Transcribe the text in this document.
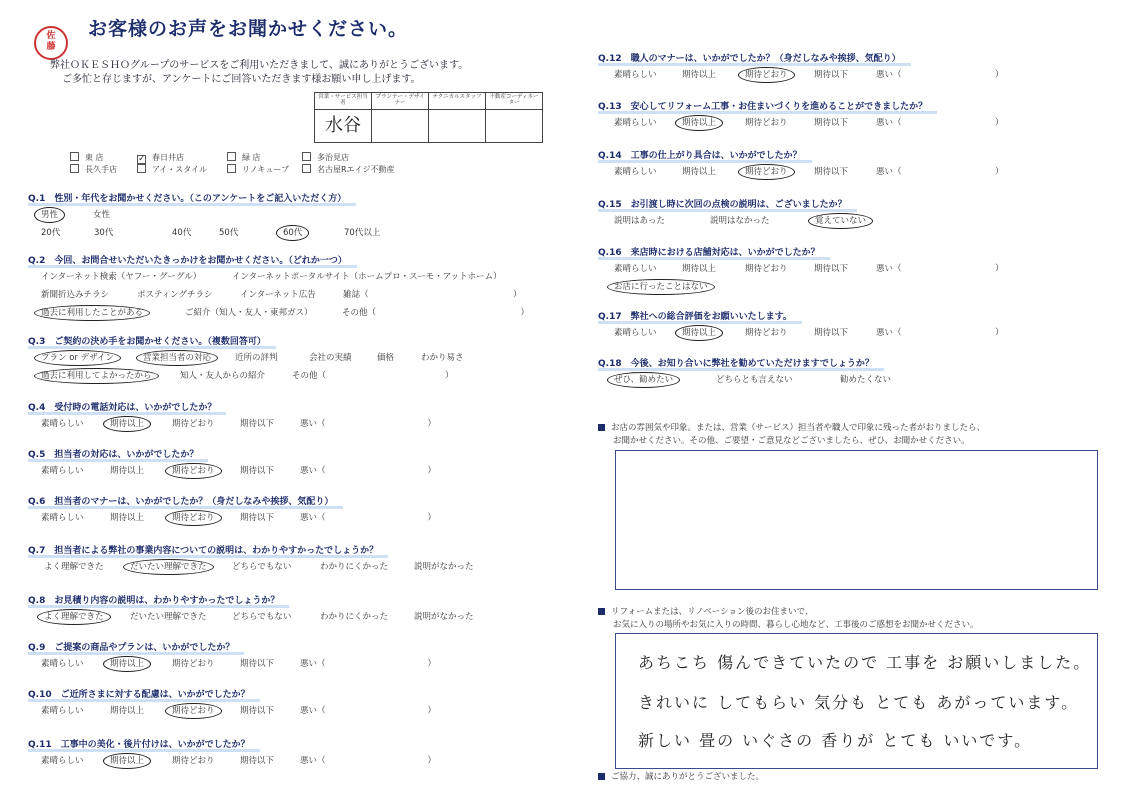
佐藤
お客様のお声をお聞かせください。
弊社ＯＫＥＳＨＯグループのサービスをご利用いただきまして、誠にありがとうございます。
ご多忙と存じますが、アンケートにご回答いただきます様お願い申し上げます。
営業・サービス担当者	プランナー・デザイナー	テクニカルスタッフ	不動産コーディネーター
水谷			
東 店	✓ 春日井店	緑 店	多治見店
長久手店	アイ・スタイル	リノキューブ	名古屋Rエイジ不動産
Q.1　性別・年代をお聞かせください。（このアンケートをご記入いただく方）
男性	女性
20代	30代	40代	50代	60代	70代以上
Q.2　今回、お問合せいただいたきっかけをお聞かせください。（どれか一つ）
インターネット検索（ヤフー・グーグル）	インターネットポータルサイト（ホームプロ・スーモ・アットホーム）
新聞折込みチラシ	ポスティングチラシ	インターネット広告	雑誌（　　　　　　　　　　　　　　　　　）
過去に利用したことがある	ご紹介（知人・友人・東邦ガス）	その他（　　　　　　　　　　　　　　　　　）
Q.3　ご契約の決め手をお聞かせください。（複数回答可）
プラン or デザイン	営業担当者の対応	近所の評判	会社の実績	価格	わかり易さ
過去に利用してよかったから	知人・友人からの紹介	その他（　　　　　　　　　　　　　　）
Q.4　受付時の電話対応は、いかがでしたか？
素晴らしい	期待以上	期待どおり	期待以下	悪い（　　　　　　　　　　　　）
Q.5　担当者の対応は、いかがでしたか？
素晴らしい	期待以上	期待どおり	期待以下	悪い（　　　　　　　　　　　　）
Q.6　担当者のマナーは、いかがでしたか？（身だしなみや挨拶、気配り）
素晴らしい	期待以上	期待どおり	期待以下	悪い（　　　　　　　　　　　　）
Q.7　担当者による弊社の事業内容についての説明は、わかりやすかったでしょうか？
よく理解できた	だいたい理解できた	どちらでもない	わかりにくかった	説明がなかった
Q.8　お見積り内容の説明は、わかりやすかったでしょうか？
よく理解できた	だいたい理解できた	どちらでもない	わかりにくかった	説明がなかった
Q.9　ご提案の商品やプランは、いかがでしたか？
素晴らしい	期待以上	期待どおり	期待以下	悪い（　　　　　　　　　　　　）
Q.10　ご近所さまに対する配慮は、いかがでしたか？
素晴らしい	期待以上	期待どおり	期待以下	悪い（　　　　　　　　　　　　）
Q.11　工事中の美化・後片付けは、いかがでしたか？
素晴らしい	期待以上	期待どおり	期待以下	悪い（　　　　　　　　　　　　）
Q.12　職人のマナーは、いかがでしたか？（身だしなみや挨拶、気配り）
素晴らしい	期待以上	期待どおり	期待以下	悪い（　　　　　　　　　　　）
Q.13　安心してリフォーム工事・お住まいづくりを進めることができましたか？
素晴らしい	期待以上	期待どおり	期待以下	悪い（　　　　　　　　　　　）
Q.14　工事の仕上がり具合は、いかがでしたか？
素晴らしい	期待以上	期待どおり	期待以下	悪い（　　　　　　　　　　　）
Q.15　お引渡し時に次回の点検の説明は、ございましたか？
説明はあった	説明はなかった	覚えていない
Q.16　来店時における店舗対応は、いかがでしたか？
素晴らしい	期待以上	期待どおり	期待以下	悪い（　　　　　　　　　　　）
お店に行ったことはない
Q.17　弊社への総合評価をお願いいたします。
素晴らしい	期待以上	期待どおり	期待以下	悪い（　　　　　　　　　　　）
Q.18　今後、お知り合いに弊社を勧めていただけますでしょうか？
ぜひ、勧めたい	どちらとも言えない	勧めたくない
お店の雰囲気や印象。または、営業（サービス）担当者や職人で印象に残った者がおりましたら、
お聞かせください。その他、ご要望・ご意見などございましたら、ぜひ、お聞かせください。
リフォームまたは、リノベーション後のお住まいで、
お気に入りの場所やお気に入りの時間、暮らし心地など、工事後のご感想をお聞かせください。
あちこち 傷んできていたので 工事を お願いしました。
きれいに してもらい 気分も とても あがっています。
新しい 畳の いぐさの 香りが とても いいです。
ご協力、誠にありがとうございました。
